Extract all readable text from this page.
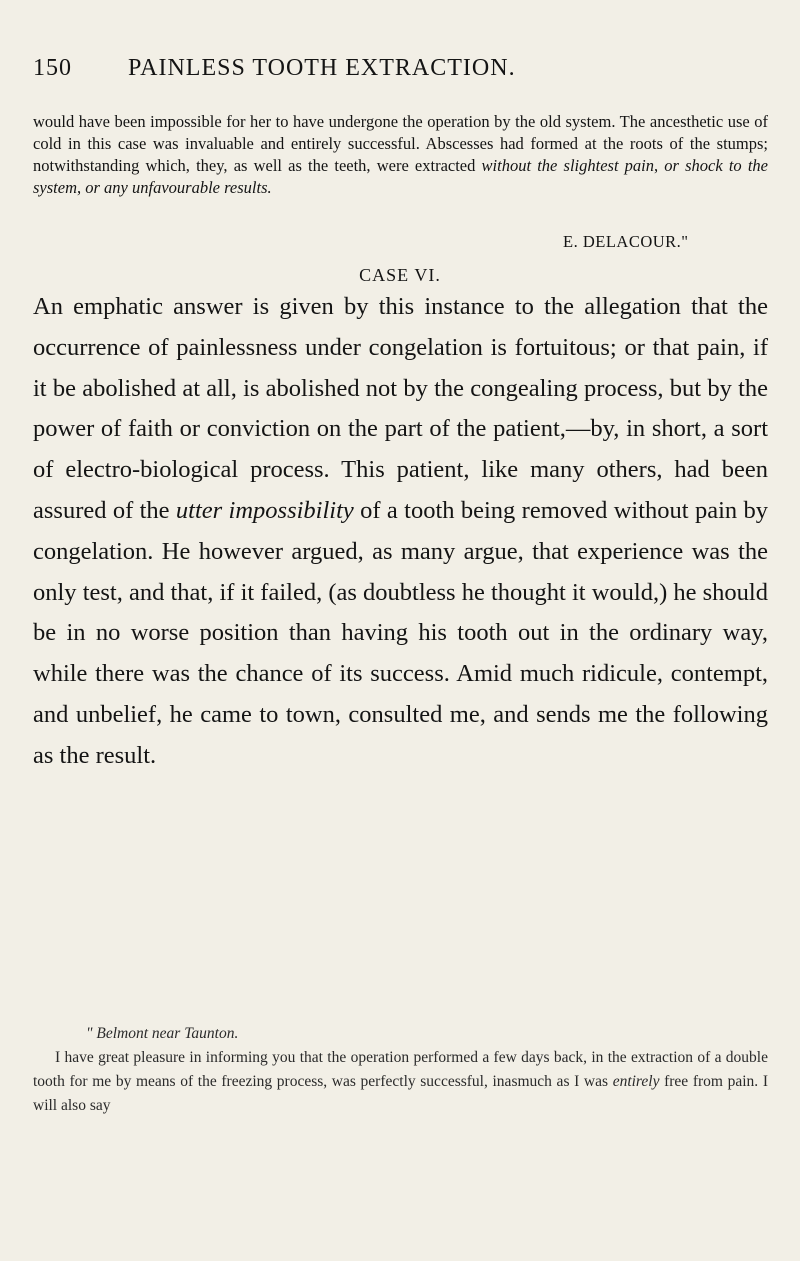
150 PAINLESS TOOTH EXTRACTION.

would have been impossible for her to have undergone the operation by the old system. The ancesthetic use of cold in this case was invaluable and entirely successful. Abscesses had formed at the roots of the stumps; notwithstanding which, they, as well as the teeth, were extracted without the slightest pain, or shock to the system, or any unfavourable results.

E. DELACOUR."
CASE VI.

An emphatic answer is given by this instance to the allegation that the occurrence of painlessness under congelation is fortuitous; or that pain, if it be abolished at all, is abolished not by the congealing process, but by the power of faith or conviction on the part of the patient,—by, in short, a sort of electro-biological process. This patient, like many others, had been assured of the utter impossibility of a tooth being removed without pain by congelation. He however argued, as many argue, that experience was the only test, and that, if it failed, (as doubtless he thought it would,) he should be in no worse position than having his tooth out in the ordinary way, while there was the chance of its success. Amid much ridicule, contempt, and unbelief, he came to town, consulted me, and sends me the following as the result.

" Belmont near Taunton.
I have great pleasure in informing you that the operation performed a few days back, in the extraction of a double tooth for me by means of the freezing process, was perfectly successful, inasmuch as I was entirely free from pain. I will also say
